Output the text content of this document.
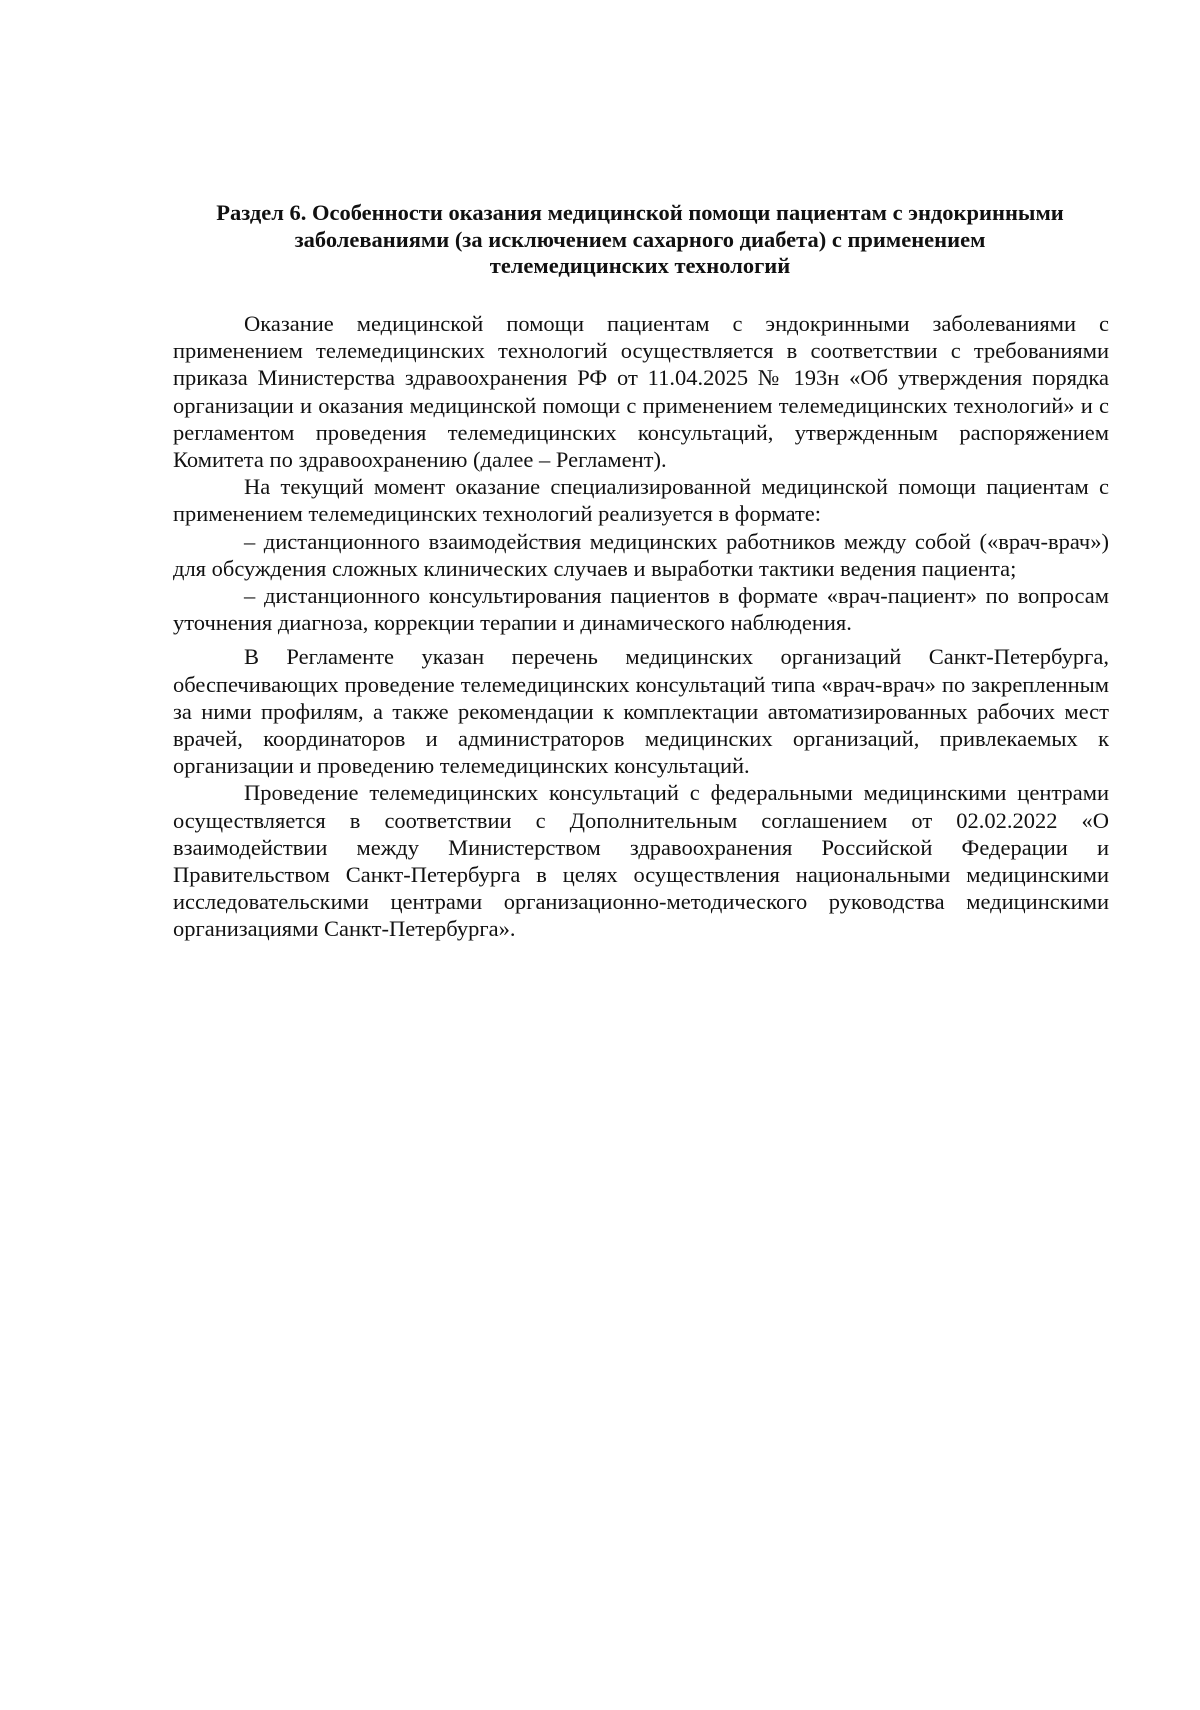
Раздел 6. Особенности оказания медицинской помощи пациентам с эндокринными
заболеваниями (за исключением сахарного диабета) с применением
телемедицинских технологий

Оказание медицинской помощи пациентам с эндокринными заболеваниями с применением телемедицинских технологий осуществляется в соответствии с требованиями приказа Министерства здравоохранения РФ от 11.04.2025 № 193н «Об утверждения порядка организации и оказания медицинской помощи с применением телемедицинских технологий» и с регламентом проведения телемедицинских консультаций, утвержденным распоряжением Комитета по здравоохранению (далее – Регламент).

На текущий момент оказание специализированной медицинской помощи пациентам с применением телемедицинских технологий реализуется в формате:

– дистанционного взаимодействия медицинских работников между собой («врач-врач») для обсуждения сложных клинических случаев и выработки тактики ведения пациента;

– дистанционного консультирования пациентов в формате «врач-пациент» по вопросам уточнения диагноза, коррекции терапии и динамического наблюдения.

В Регламенте указан перечень медицинских организаций Санкт-Петербурга, обеспечивающих проведение телемедицинских консультаций типа «врач-врач» по закрепленным за ними профилям, а также рекомендации к комплектации автоматизированных рабочих мест врачей, координаторов и администраторов медицинских организаций, привлекаемых к организации и проведению телемедицинских консультаций.

Проведение телемедицинских консультаций с федеральными медицинскими центрами осуществляется в соответствии с Дополнительным соглашением от 02.02.2022 «О взаимодействии между Министерством здравоохранения Российской Федерации и Правительством Санкт-Петербурга в целях осуществления национальными медицинскими исследовательскими центрами организационно-методического руководства медицинскими организациями Санкт-Петербурга».
